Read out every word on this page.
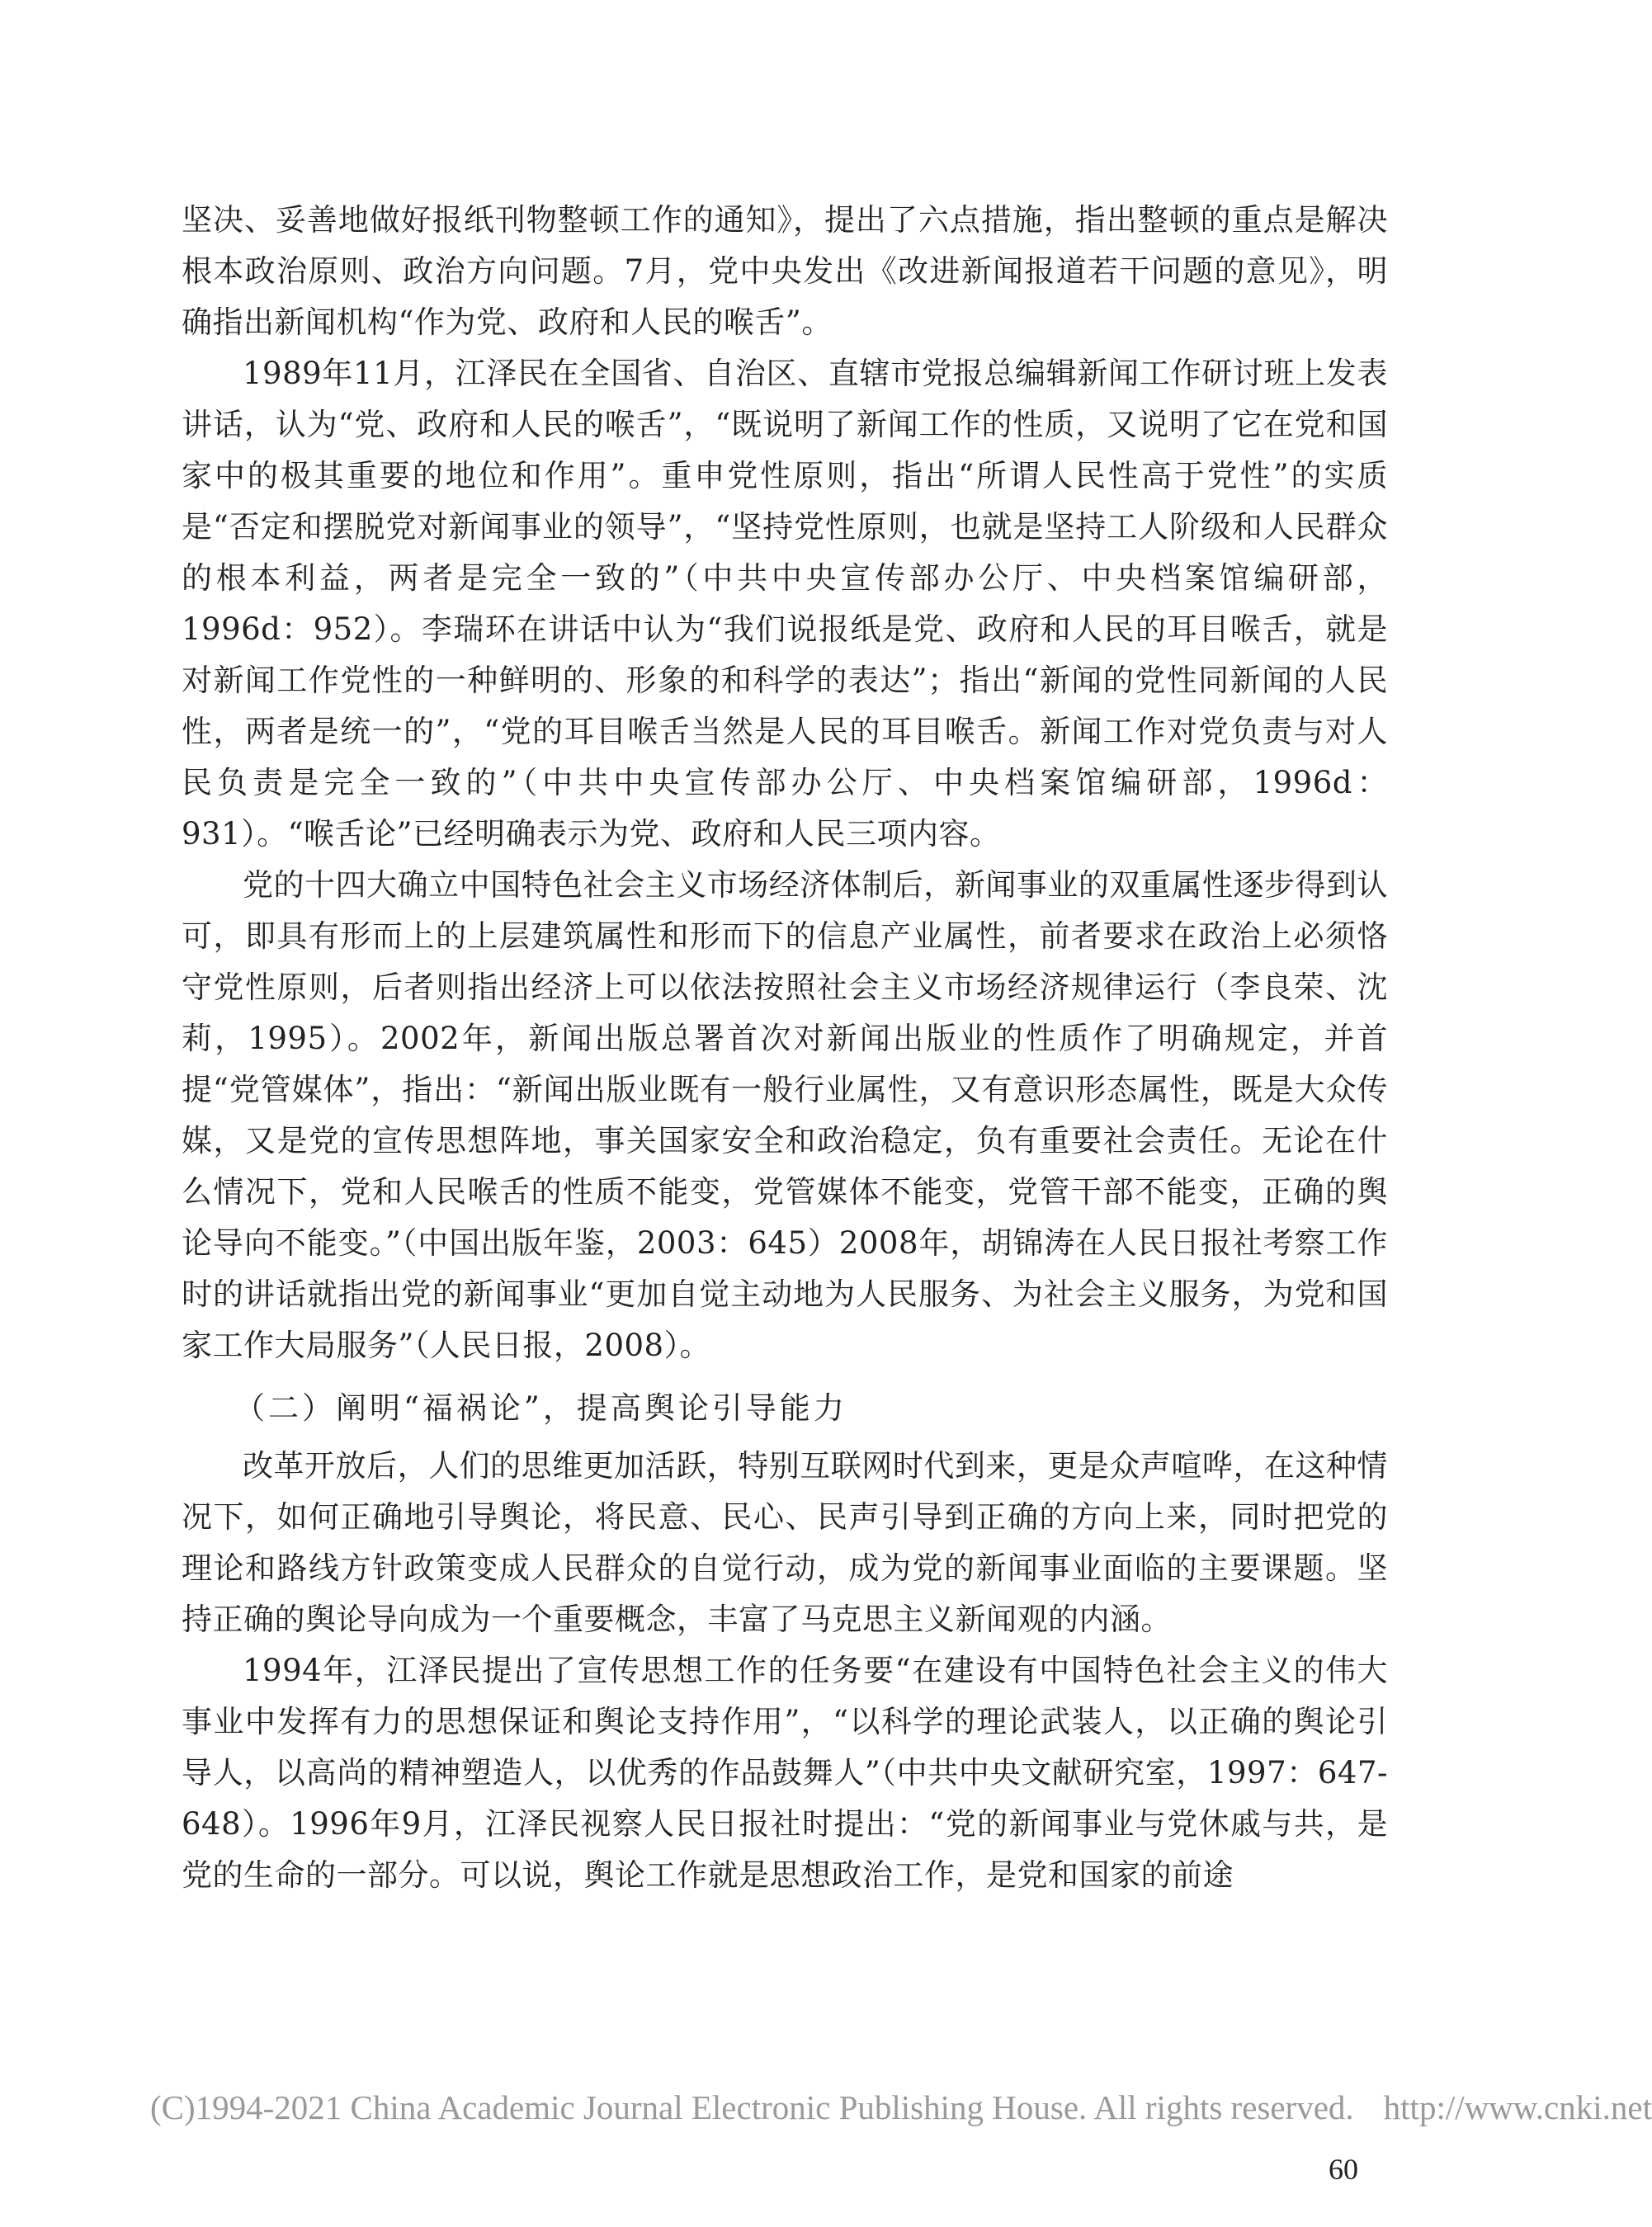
坚决、妥善地做好报纸刊物整顿工作的通知》，提出了六点措施，指出整顿的重点是解决根本政治原则、政治方向问题。7月，党中央发出《改进新闻报道若干问题的意见》，明确指出新闻机构“作为党、政府和人民的喉舌”。

1989年11月，江泽民在全国省、自治区、直辖市党报总编辑新闻工作研讨班上发表讲话，认为“党、政府和人民的喉舌”，“既说明了新闻工作的性质，又说明了它在党和国家中的极其重要的地位和作用”。重申党性原则，指出“所谓人民性高于党性”的实质是“否定和摆脱党对新闻事业的领导”，“坚持党性原则，也就是坚持工人阶级和人民群众的根本利益，两者是完全一致的”（中共中央宣传部办公厅、中央档案馆编研部，1996d：952）。李瑞环在讲话中认为“我们说报纸是党、政府和人民的耳目喉舌，就是对新闻工作党性的一种鲜明的、形象的和科学的表达”；指出“新闻的党性同新闻的人民性，两者是统一的”，“党的耳目喉舌当然是人民的耳目喉舌。新闻工作对党负责与对人民负责是完全一致的”（中共中央宣传部办公厅、中央档案馆编研部，1996d：931）。“喉舌论”已经明确表示为党、政府和人民三项内容。

党的十四大确立中国特色社会主义市场经济体制后，新闻事业的双重属性逐步得到认可，即具有形而上的上层建筑属性和形而下的信息产业属性，前者要求在政治上必须恪守党性原则，后者则指出经济上可以依法按照社会主义市场经济规律运行（李良荣、沈莉，1995）。2002年，新闻出版总署首次对新闻出版业的性质作了明确规定，并首提“党管媒体”，指出：“新闻出版业既有一般行业属性，又有意识形态属性，既是大众传媒，又是党的宣传思想阵地，事关国家安全和政治稳定，负有重要社会责任。无论在什么情况下，党和人民喉舌的性质不能变，党管媒体不能变，党管干部不能变，正确的舆论导向不能变。”（中国出版年鉴，2003：645）2008年，胡锦涛在人民日报社考察工作时的讲话就指出党的新闻事业“更加自觉主动地为人民服务、为社会主义服务，为党和国家工作大局服务”（人民日报，2008）。

（二）阐明“福祸论”，提高舆论引导能力

改革开放后，人们的思维更加活跃，特别互联网时代到来，更是众声喧哗，在这种情况下，如何正确地引导舆论，将民意、民心、民声引导到正确的方向上来，同时把党的理论和路线方针政策变成人民群众的自觉行动，成为党的新闻事业面临的主要课题。坚持正确的舆论导向成为一个重要概念，丰富了马克思主义新闻观的内涵。

1994年，江泽民提出了宣传思想工作的任务要“在建设有中国特色社会主义的伟大事业中发挥有力的思想保证和舆论支持作用”，“以科学的理论武装人，以正确的舆论引导人，以高尚的精神塑造人，以优秀的作品鼓舞人”（中共中央文献研究室，1997：647-648）。1996年9月，江泽民视察人民日报社时提出：“党的新闻事业与党休戚与共，是党的生命的一部分。可以说，舆论工作就是思想政治工作，是党和国家的前途

(C)1994-2021 China Academic Journal Electronic Publishing House. All rights reserved. http://www.cnki.net
60
